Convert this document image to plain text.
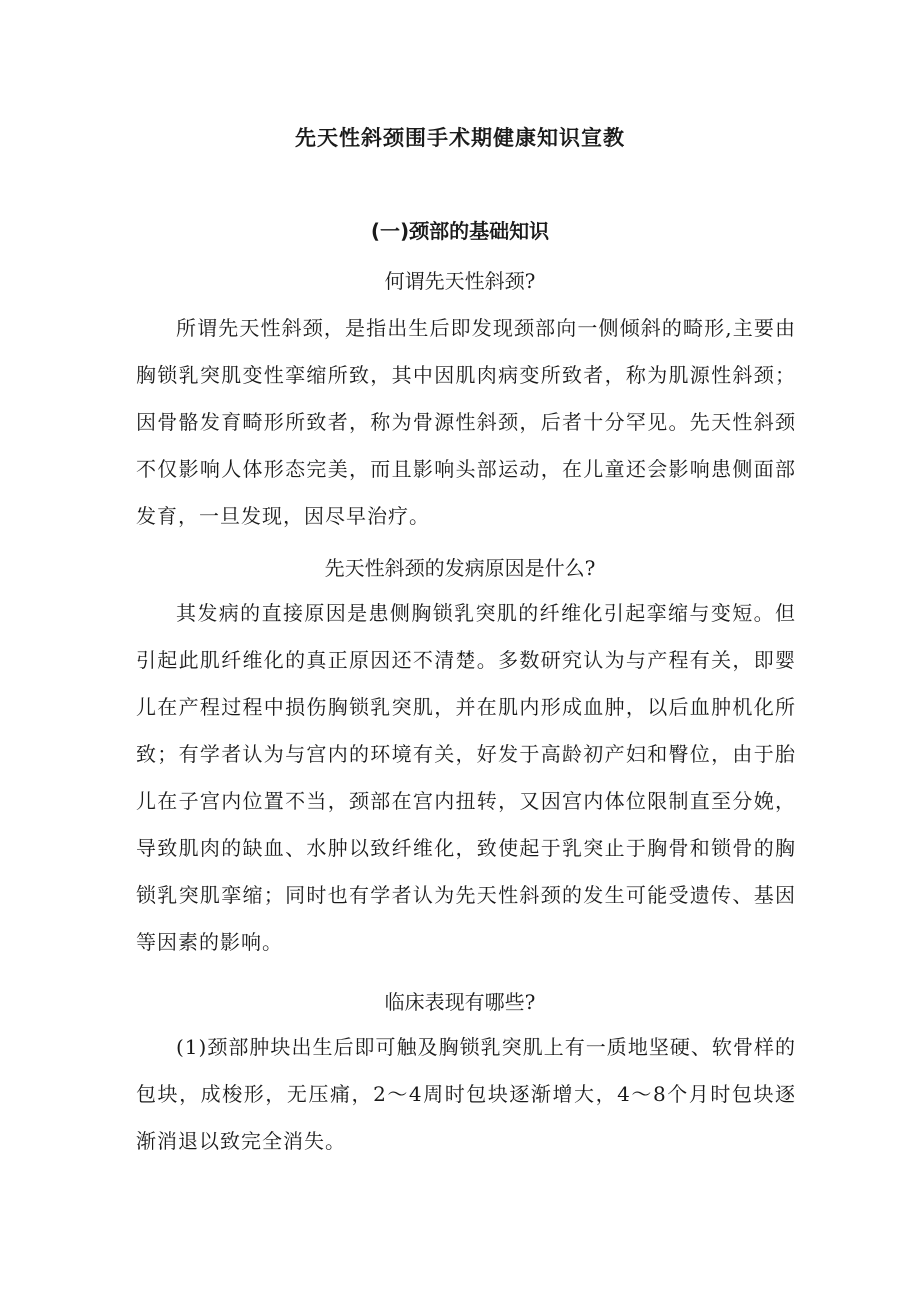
先天性斜颈围手术期健康知识宣教
(一)颈部的基础知识
何谓先天性斜颈?
所谓先天性斜颈，是指出生后即发现颈部向一侧倾斜的畸形,主要由胸锁乳突肌变性挛缩所致，其中因肌肉病变所致者，称为肌源性斜颈；因骨骼发育畸形所致者，称为骨源性斜颈，后者十分罕见。先天性斜颈不仅影响人体形态完美，而且影响头部运动，在儿童还会影响患侧面部发育，一旦发现，因尽早治疗。
先天性斜颈的发病原因是什么?
其发病的直接原因是患侧胸锁乳突肌的纤维化引起挛缩与变短。但引起此肌纤维化的真正原因还不清楚。多数研究认为与产程有关，即婴儿在产程过程中损伤胸锁乳突肌，并在肌内形成血肿，以后血肿机化所致；有学者认为与宫内的环境有关，好发于高龄初产妇和臀位，由于胎儿在子宫内位置不当，颈部在宫内扭转，又因宫内体位限制直至分娩，导致肌肉的缺血、水肿以致纤维化，致使起于乳突止于胸骨和锁骨的胸锁乳突肌挛缩；同时也有学者认为先天性斜颈的发生可能受遗传、基因等因素的影响。
临床表现有哪些?
(1)颈部肿块出生后即可触及胸锁乳突肌上有一质地坚硬、软骨样的包块，成梭形，无压痛，2～4周时包块逐渐增大，4～8个月时包块逐渐消退以致完全消失。
